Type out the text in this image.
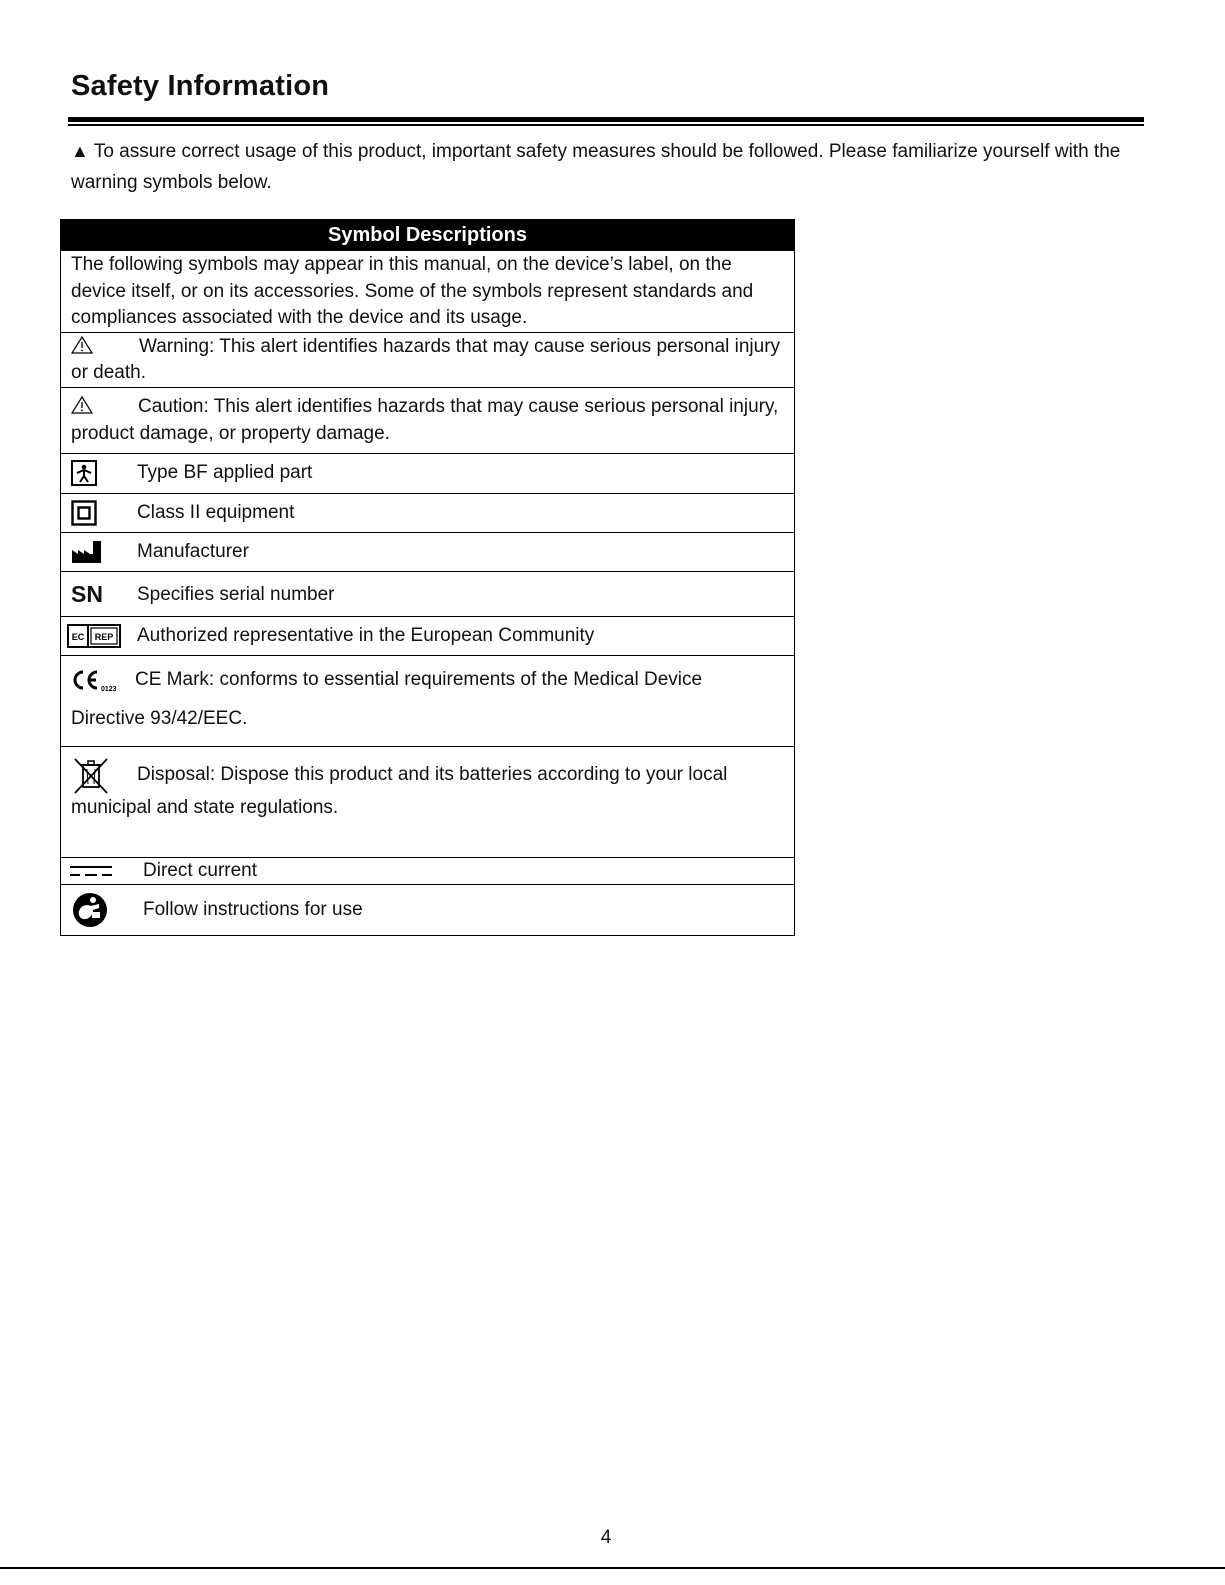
Safety Information
▲ To assure correct usage of this product, important safety measures should be followed. Please familiarize yourself with the warning symbols below.
Symbol Descriptions
The following symbols may appear in this manual, on the device’s label, on the device itself, or on its accessories. Some of the symbols represent standards and compliances associated with the device and its usage.
Warning: This alert identifies hazards that may cause serious personal injury or death.
Caution: This alert identifies hazards that may cause serious personal injury, product damage, or property damage.

Type BF applied part

Class II equipment

Manufacturer

SN	Specifies serial number

EC REP Authorized representative in the European Community

0123 CE Mark: conforms to essential requirements of the Medical Device
Directive 93/42/EEC.

Disposal: Dispose this product and its batteries according to your local
municipal and state regulations.

Direct current

Follow instructions for use
4
